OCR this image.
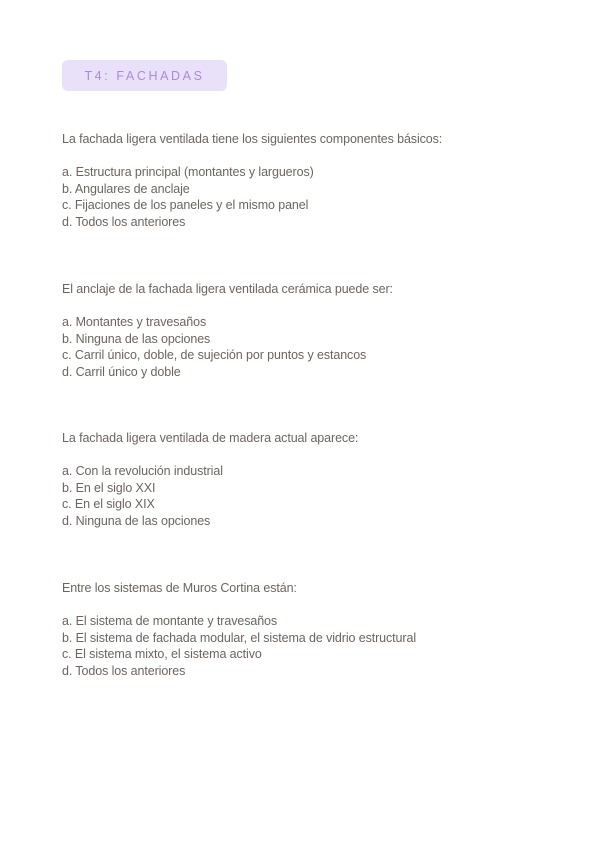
T4: FACHADAS
La fachada ligera ventilada tiene los siguientes componentes básicos:
a. Estructura principal (montantes y largueros)
b. Angulares de anclaje
c. Fijaciones de los paneles y el mismo panel
d. Todos los anteriores
El anclaje de la fachada ligera ventilada cerámica puede ser:
a. Montantes y travesaños
b. Ninguna de las opciones
c. Carril único, doble, de sujeción por puntos y estancos
d. Carril único y doble
La fachada ligera ventilada de madera actual aparece:
a. Con la revolución industrial
b. En el siglo XXI
c. En el siglo XIX
d. Ninguna de las opciones
Entre los sistemas de Muros Cortina están:
a. El sistema de montante y travesaños
b. El sistema de fachada modular, el sistema de vidrio estructural
c. El sistema mixto, el sistema activo
d. Todos los anteriores
